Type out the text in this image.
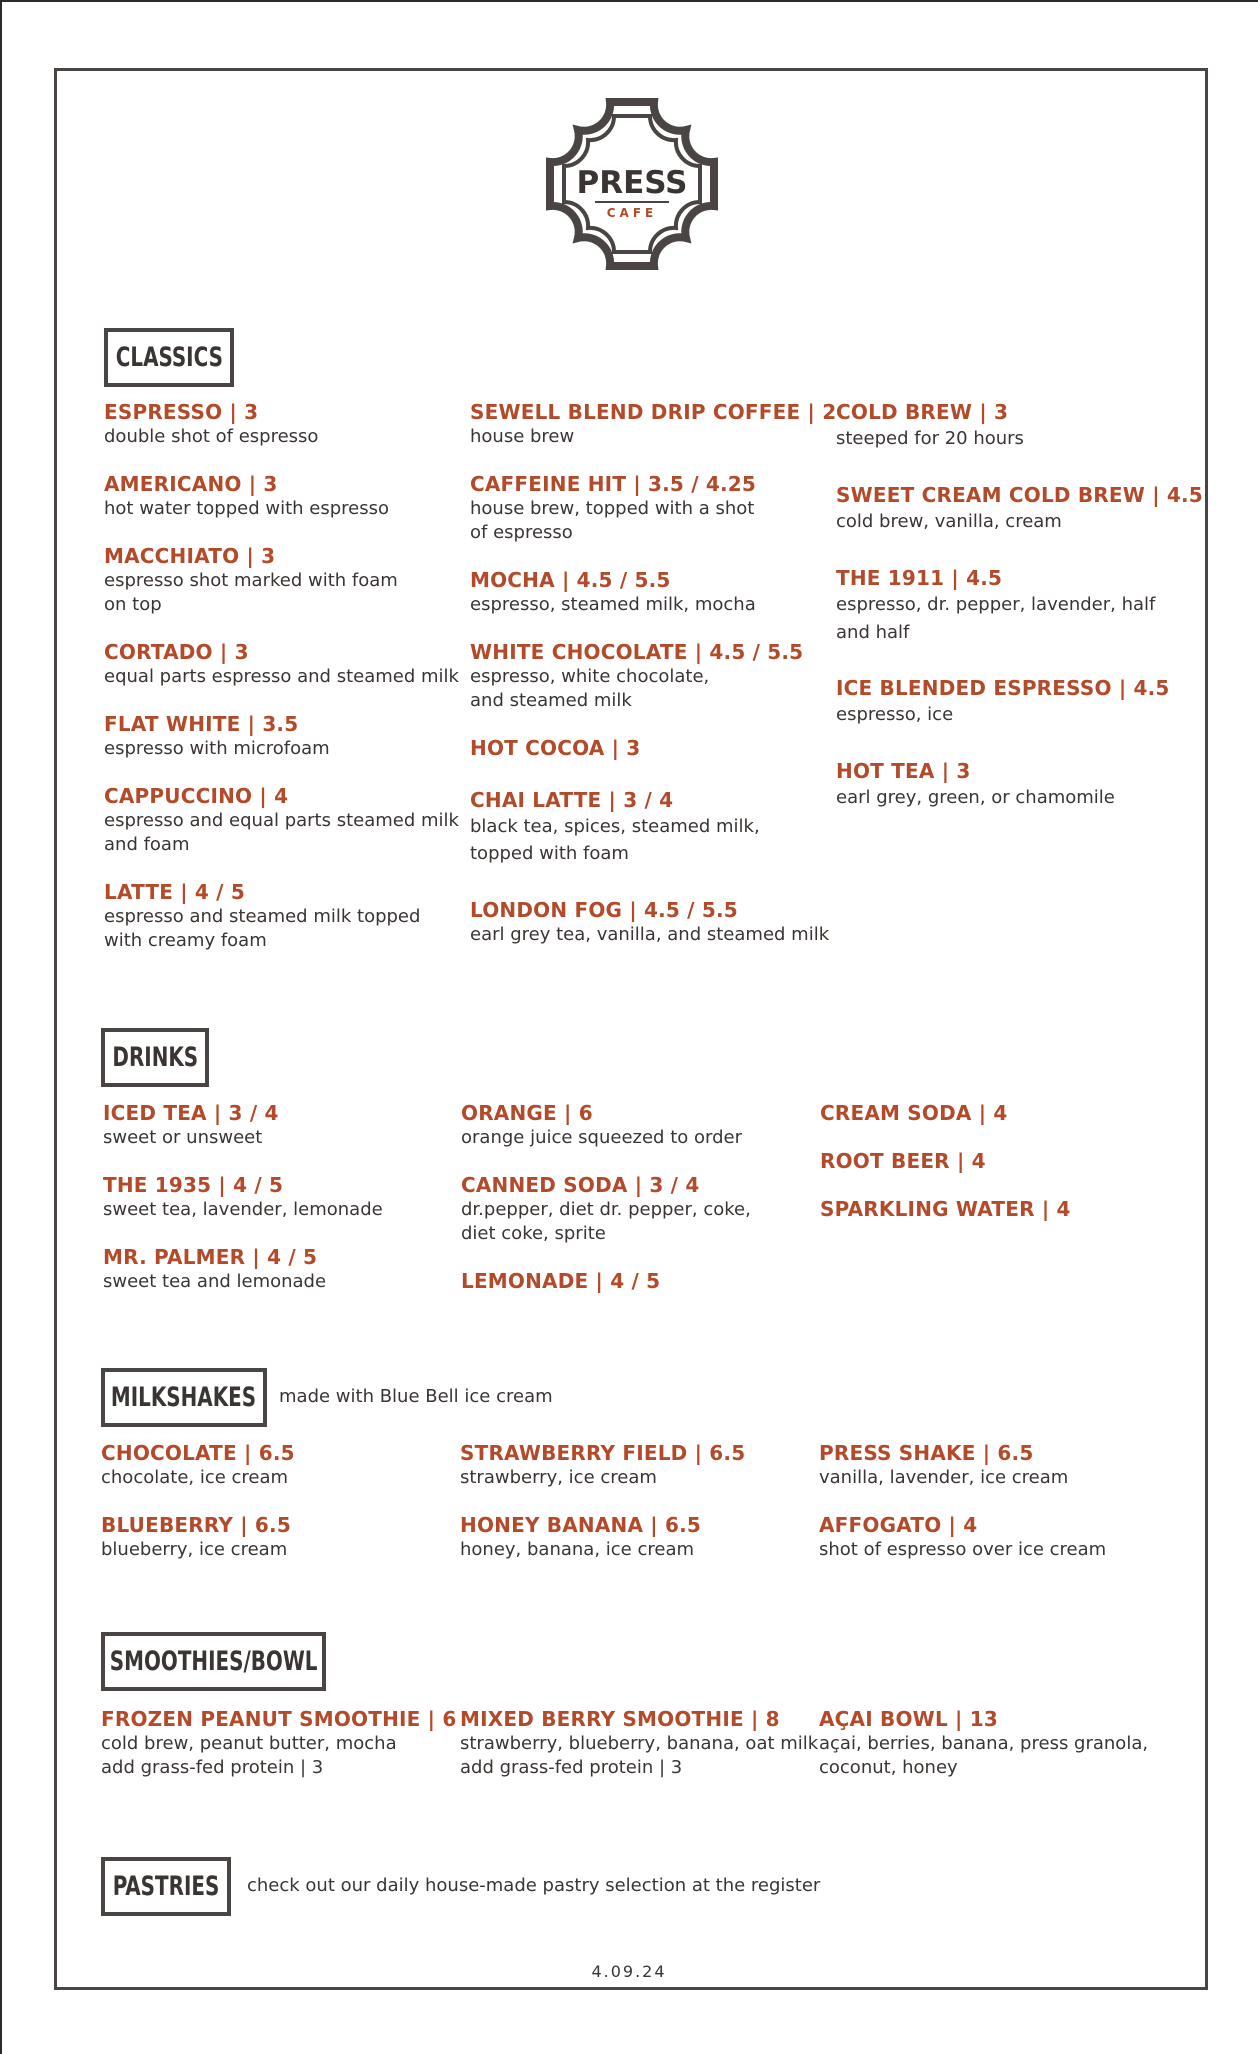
PRESS
CAFE
CLASSICS
ESPRESSO | 3
double shot of espresso
AMERICANO | 3
hot water topped with espresso
MACCHIATO | 3
espresso shot marked with foam
on top
CORTADO | 3
equal parts espresso and steamed milk
FLAT WHITE | 3.5
espresso with microfoam
CAPPUCCINO | 4
espresso and equal parts steamed milk
and foam
LATTE | 4 / 5
espresso and steamed milk topped
with creamy foam
SEWELL BLEND DRIP COFFEE | 2
house brew
CAFFEINE HIT | 3.5 / 4.25
house brew, topped with a shot
of espresso
MOCHA | 4.5 / 5.5
espresso, steamed milk, mocha
WHITE CHOCOLATE | 4.5 / 5.5
espresso, white chocolate,
and steamed milk
HOT COCOA | 3
CHAI LATTE | 3 / 4
black tea, spices, steamed milk,
topped with foam
LONDON FOG | 4.5 / 5.5
earl grey tea, vanilla, and steamed milk
COLD BREW | 3
steeped for 20 hours
SWEET CREAM COLD BREW | 4.5
cold brew, vanilla, cream
THE 1911 | 4.5
espresso, dr. pepper, lavender, half
and half
ICE BLENDED ESPRESSO | 4.5
espresso, ice
HOT TEA | 3
earl grey, green, or chamomile
DRINKS
ICED TEA | 3 / 4
sweet or unsweet
THE 1935 | 4 / 5
sweet tea, lavender, lemonade
MR. PALMER | 4 / 5
sweet tea and lemonade
ORANGE | 6
orange juice squeezed to order
CANNED SODA | 3 / 4
dr.pepper, diet dr. pepper, coke,
diet coke, sprite
LEMONADE | 4 / 5
CREAM SODA | 4
ROOT BEER | 4
SPARKLING WATER | 4
MILKSHAKES made with Blue Bell ice cream
CHOCOLATE | 6.5
chocolate, ice cream
BLUEBERRY | 6.5
blueberry, ice cream
STRAWBERRY FIELD | 6.5
strawberry, ice cream
HONEY BANANA | 6.5
honey, banana, ice cream
PRESS SHAKE | 6.5
vanilla, lavender, ice cream
AFFOGATO | 4
shot of espresso over ice cream
SMOOTHIES/BOWL
FROZEN PEANUT SMOOTHIE | 6
cold brew, peanut butter, mocha
add grass-fed protein | 3
MIXED BERRY SMOOTHIE | 8
strawberry, blueberry, banana, oat milk
add grass-fed protein | 3
AÇAI BOWL | 13
açai, berries, banana, press granola,
coconut, honey
PASTRIES check out our daily house-made pastry selection at the register
4.09.24
